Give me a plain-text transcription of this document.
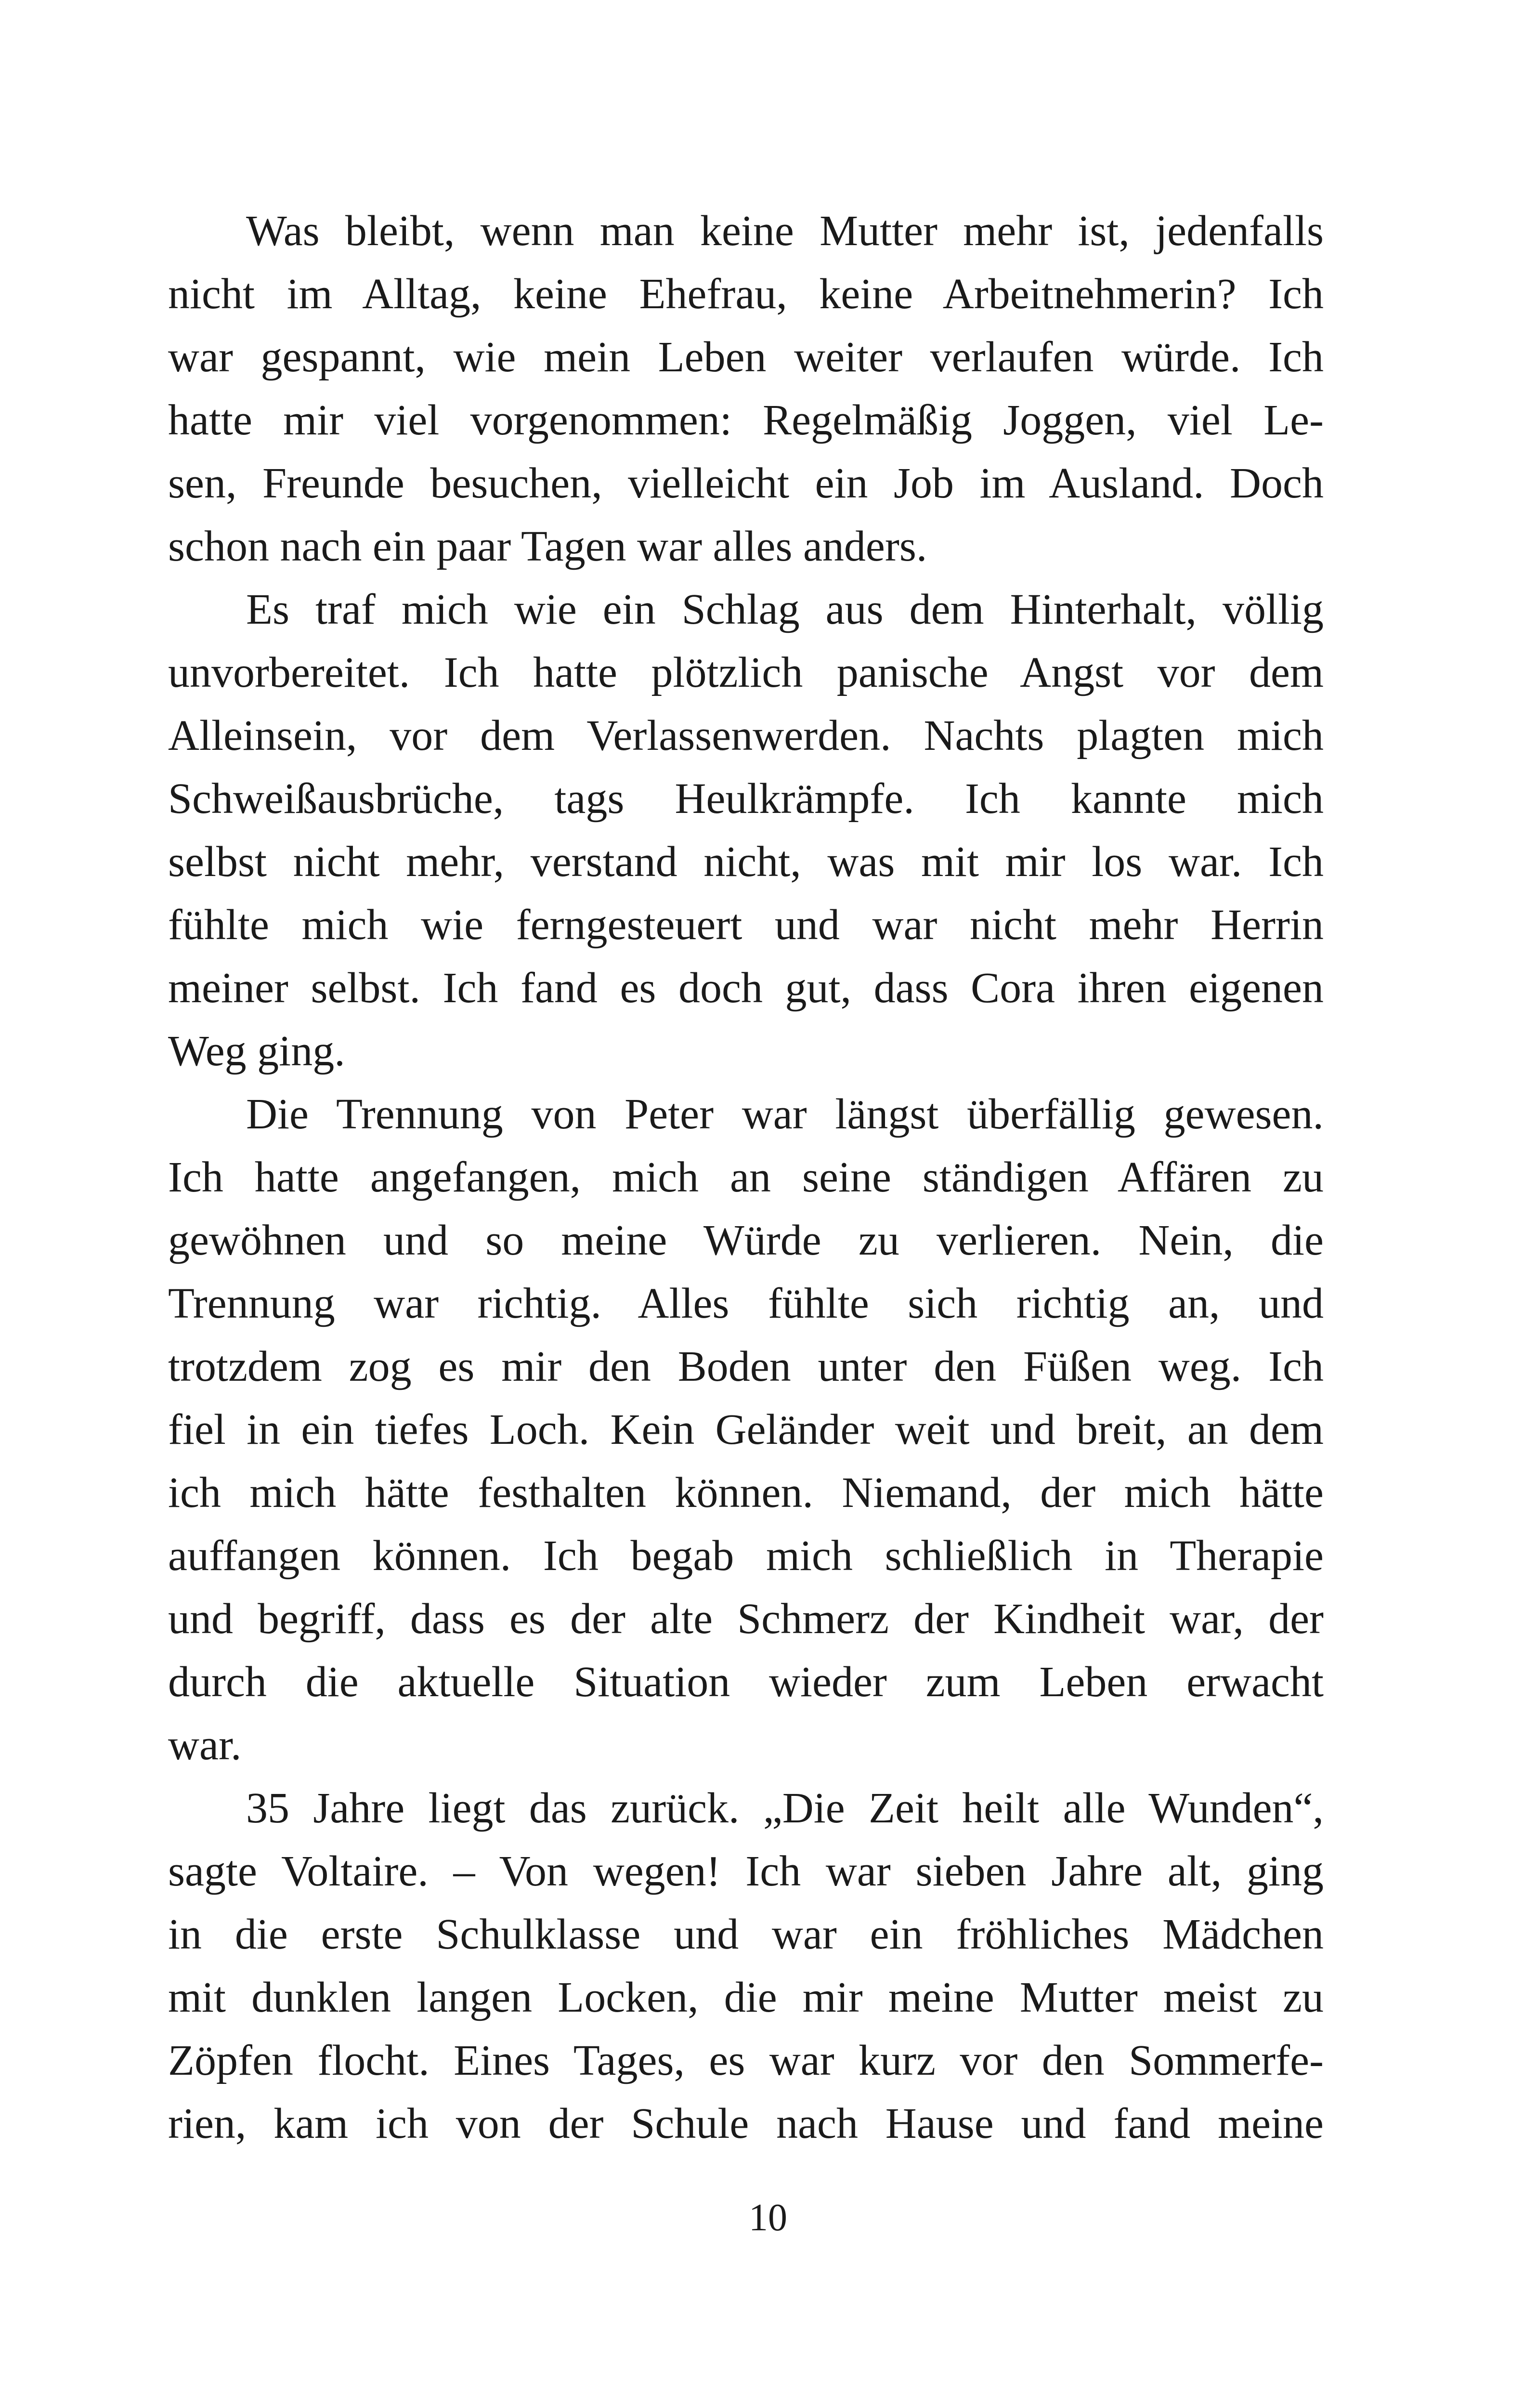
Was bleibt, wenn man keine Mutter mehr ist, jedenfalls
nicht im Alltag, keine Ehefrau, keine Arbeitnehmerin? Ich
war gespannt, wie mein Leben weiter verlaufen würde. Ich
hatte mir viel vorgenommen: Regelmäßig Joggen, viel Le-
sen, Freunde besuchen, vielleicht ein Job im Ausland. Doch
schon nach ein paar Tagen war alles anders.
Es traf mich wie ein Schlag aus dem Hinterhalt, völlig
unvorbereitet. Ich hatte plötzlich panische Angst vor dem
Alleinsein, vor dem Verlassenwerden. Nachts plagten mich
Schweißausbrüche, tags Heulkrämpfe. Ich kannte mich
selbst nicht mehr, verstand nicht, was mit mir los war. Ich
fühlte mich wie ferngesteuert und war nicht mehr Herrin
meiner selbst. Ich fand es doch gut, dass Cora ihren eigenen
Weg ging.
Die Trennung von Peter war längst überfällig gewesen.
Ich hatte angefangen, mich an seine ständigen Affären zu
gewöhnen und so meine Würde zu verlieren. Nein, die
Trennung war richtig. Alles fühlte sich richtig an, und
trotzdem zog es mir den Boden unter den Füßen weg. Ich
fiel in ein tiefes Loch. Kein Geländer weit und breit, an dem
ich mich hätte festhalten können. Niemand, der mich hätte
auffangen können. Ich begab mich schließlich in Therapie
und begriff, dass es der alte Schmerz der Kindheit war, der
durch die aktuelle Situation wieder zum Leben erwacht
war.
35 Jahre liegt das zurück. „Die Zeit heilt alle Wunden“,
sagte Voltaire. – Von wegen! Ich war sieben Jahre alt, ging
in die erste Schulklasse und war ein fröhliches Mädchen
mit dunklen langen Locken, die mir meine Mutter meist zu
Zöpfen flocht. Eines Tages, es war kurz vor den Sommerfe-
rien, kam ich von der Schule nach Hause und fand meine
10
